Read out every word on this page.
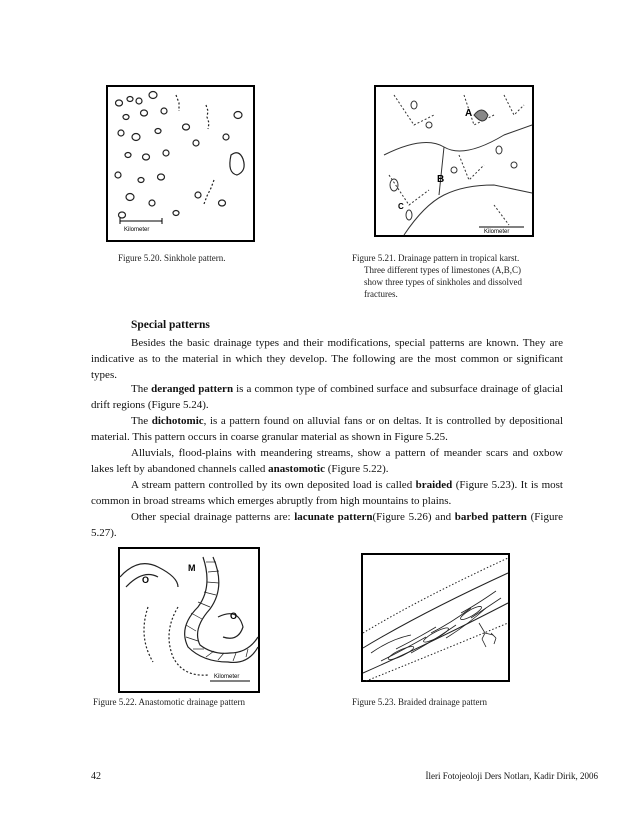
Kilometer
Figure 5.20. Sinkhole pattern.
A
B
C
Kilometer
Figure 5.21. Drainage pattern in tropical karst.
Three different types of limestones (A,B,C)
show three types of sinkholes and dissolved
fractures.
Special patterns

Besides the basic drainage types and their modifications, special patterns are known. They are indicative as to the material in which they develop. The following are the most common or significant types.

The deranged pattern is a common type of combined surface and subsurface drainage of glacial drift regions (Figure 5.24).

The dichotomic, is a pattern found on alluvial fans or on deltas. It is controlled by depositional material. This pattern occurs in coarse granular material as shown in Figure 5.25.

Alluvials, flood-plains with meandering streams, show a pattern of meander scars and oxbow lakes left by abandoned channels called anastomotic (Figure 5.22).

A stream pattern controlled by its own deposited load is called braided (Figure 5.23). It is most common in broad streams which emerges abruptly from high mountains to plains.

Other special drainage patterns are: lacunate pattern(Figure 5.26) and barbed pattern (Figure 5.27).

O
M
O
Kilometer
Figure 5.22. Anastomotic drainage pattern	Figure 5.23. Braided drainage pattern
42	İleri Fotojeoloji Ders Notları, Kadir Dirik, 2006
